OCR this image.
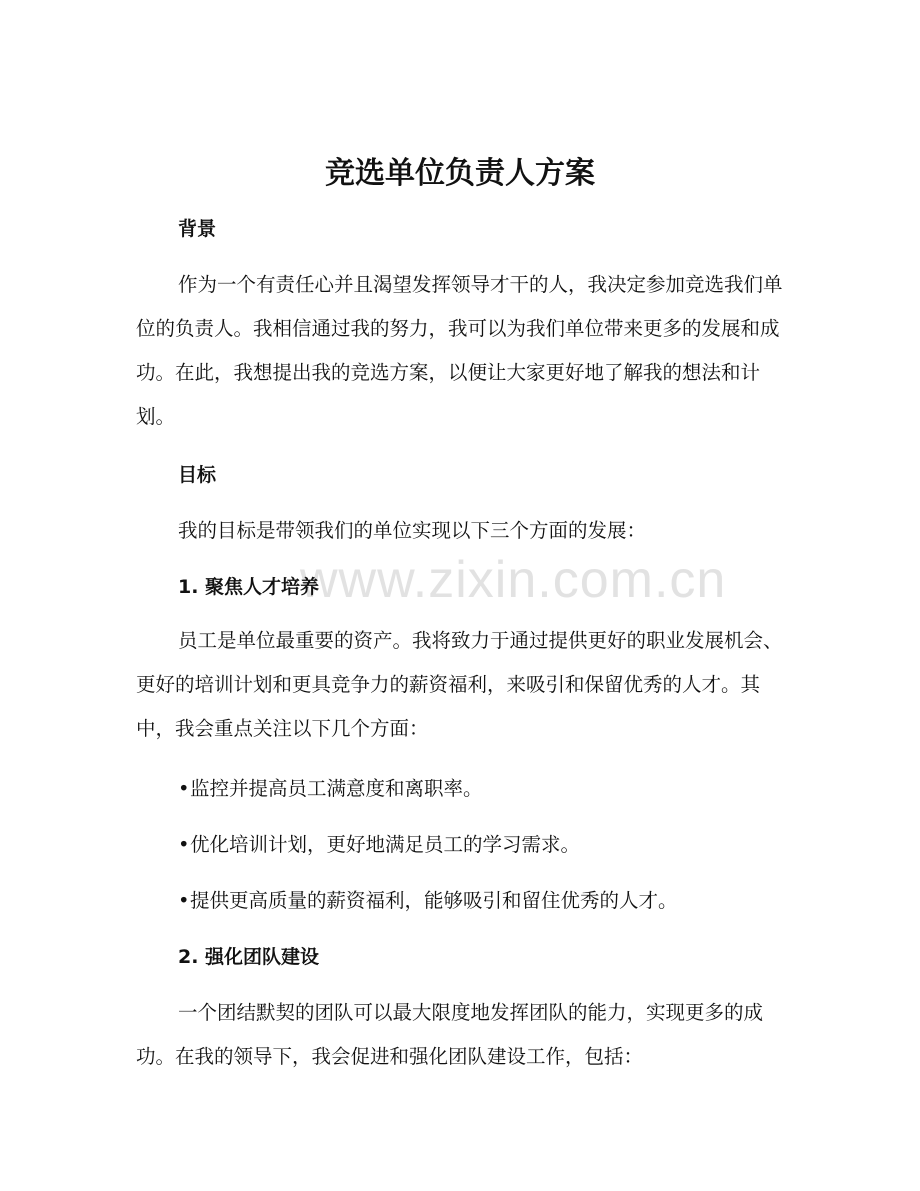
www.zixin.com.cn

竞选单位负责人方案
背景

作为一个有责任心并且渴望发挥领导才干的人，我决定参加竞选我们单位的负责人。我相信通过我的努力，我可以为我们单位带来更多的发展和成功。在此，我想提出我的竞选方案，以便让大家更好地了解我的想法和计划。

目标

我的目标是带领我们的单位实现以下三个方面的发展：

1. 聚焦人才培养

员工是单位最重要的资产。我将致力于通过提供更好的职业发展机会、更好的培训计划和更具竞争力的薪资福利，来吸引和保留优秀的人才。其中，我会重点关注以下几个方面：

•监控并提高员工满意度和离职率。

•优化培训计划，更好地满足员工的学习需求。

•提供更高质量的薪资福利，能够吸引和留住优秀的人才。

2. 强化团队建设

一个团结默契的团队可以最大限度地发挥团队的能力，实现更多的成功。在我的领导下，我会促进和强化团队建设工作，包括：
